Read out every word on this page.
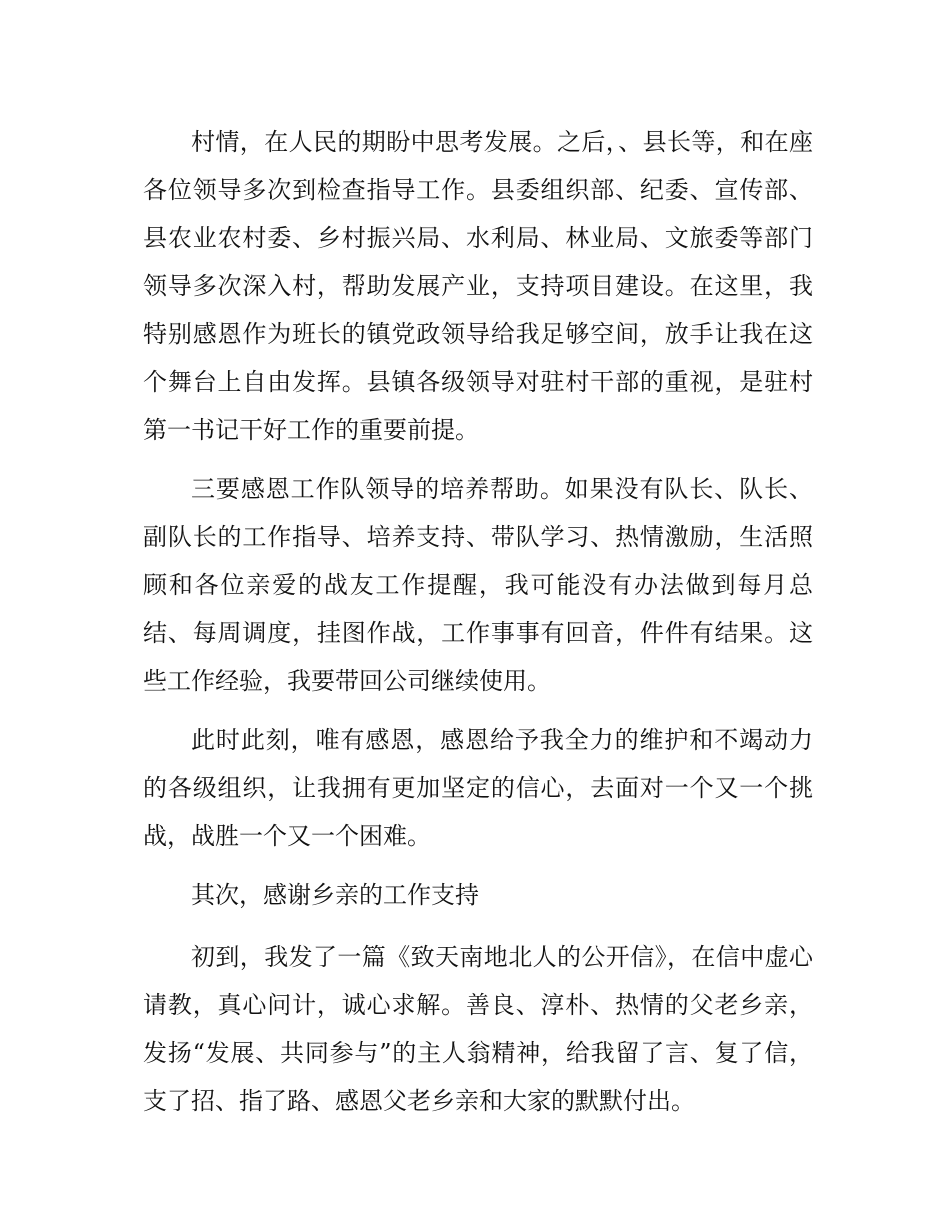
村情，在人民的期盼中思考发展。之后，、县长等，和在座各位领导多次到检查指导工作。县委组织部、纪委、宣传部、县农业农村委、乡村振兴局、水利局、林业局、文旅委等部门领导多次深入村，帮助发展产业，支持项目建设。在这里，我特别感恩作为班长的镇党政领导给我足够空间，放手让我在这个舞台上自由发挥。县镇各级领导对驻村干部的重视，是驻村第一书记干好工作的重要前提。

三要感恩工作队领导的培养帮助。如果没有队长、队长、副队长的工作指导、培养支持、带队学习、热情激励，生活照顾和各位亲爱的战友工作提醒，我可能没有办法做到每月总结、每周调度，挂图作战，工作事事有回音，件件有结果。这些工作经验，我要带回公司继续使用。

此时此刻，唯有感恩，感恩给予我全力的维护和不竭动力的各级组织，让我拥有更加坚定的信心，去面对一个又一个挑战，战胜一个又一个困难。

其次，感谢乡亲的工作支持

初到，我发了一篇《致天南地北人的公开信》，在信中虚心请教，真心问计，诚心求解。善良、淳朴、热情的父老乡亲，发扬“发展、共同参与”的主人翁精神，给我留了言、复了信，支了招、指了路、感恩父老乡亲和大家的默默付出。
